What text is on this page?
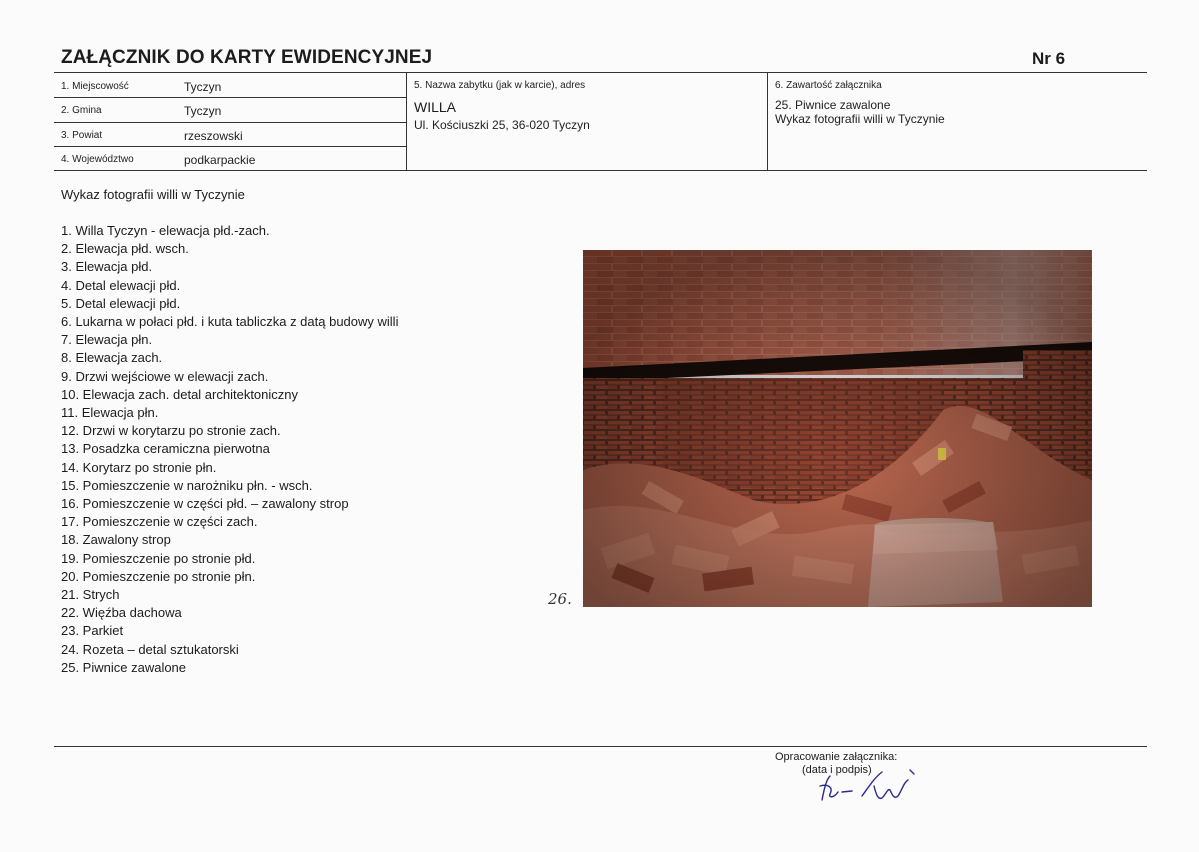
ZAŁĄCZNIK DO KARTY EWIDENCYJNEJ	Nr 6
1. Miejscowość	Tyczyn
2. Gmina	Tyczyn
3. Powiat	rzeszowski
4. Województwo	podkarpackie
5. Nazwa zabytku (jak w karcie), adres
WILLA
Ul. Kościuszki 25, 36-020 Tyczyn
6. Zawartość załącznika
25. Piwnice zawalone
Wykaz fotografii willi w Tyczynie
Wykaz fotografii willi w Tyczynie
1. Willa Tyczyn - elewacja płd.-zach.
2. Elewacja płd. wsch.
3. Elewacja płd.
4. Detal elewacji płd.
5. Detal elewacji płd.
6. Lukarna w połaci płd. i kuta tabliczka z datą budowy willi
7. Elewacja płn.
8. Elewacja zach.
9. Drzwi wejściowe w elewacji zach.
10. Elewacja zach. detal architektoniczny
11. Elewacja płn.
12. Drzwi w korytarzu po stronie zach.
13. Posadzka ceramiczna pierwotna
14. Korytarz po stronie płn.
15. Pomieszczenie w narożniku płn. - wsch.
16. Pomieszczenie w części płd. – zawalony strop
17. Pomieszczenie w części zach.
18. Zawalony strop
19. Pomieszczenie po stronie płd.
20. Pomieszczenie po stronie płn.
21. Strych
22. Więźba dachowa
23. Parkiet
24. Rozeta – detal sztukatorski
25. Piwnice zawalone
26.
Opracowanie załącznika:
(data i podpis)
